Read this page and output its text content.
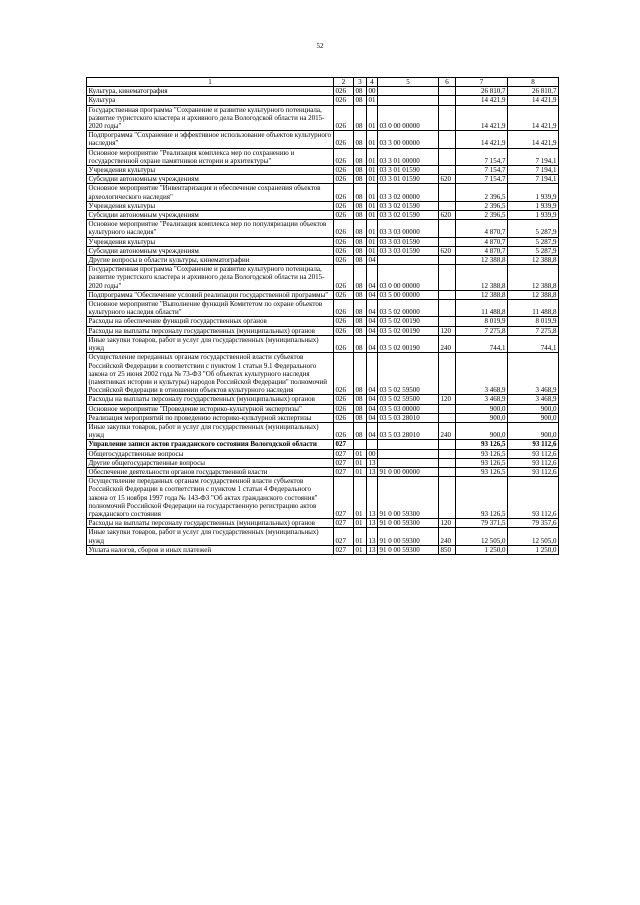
52
1	2	3	4	5	6	7	8
Культура, кинематография	026	08	00			26 810,7	26 810,7
Культура	026	08	01			14 421,9	14 421,9
Государственная программа "Сохранение и развитие культурного потенциала, развитие туристского кластера и архивного дела Вологодской области на 2015-2020 годы"	026	08	01	03 0 00 00000		14 421,9	14 421,9
Подпрограмма "Сохранение и эффективное использование объектов культурного наследия"	026	08	01	03 3 00 00000		14 421,9	14 421,9
Основное мероприятие "Реализация комплекса мер по сохранению и государственной охране памятников истории и архитектуры"	026	08	01	03 3 01 00000		7 154,7	7 194,1
Учреждения культуры	026	08	01	03 3 01 01590		7 154,7	7 194,1
Субсидии автономным учреждениям	026	08	01	03 3 01 01590	620	7 154,7	7 194,1
Основное мероприятие "Инвентаризация и обеспечение сохранения объектов археологического наследия"	026	08	01	03 3 02 00000		2 396,5	1 939,9
Учреждения культуры	026	08	01	03 3 02 01590		2 396,5	1 939,9
Субсидии автономным учреждениям	026	08	01	03 3 02 01590	620	2 396,5	1 939,9
Основное мероприятие "Реализация комплекса мер по популяризации объектов культурного наследия"	026	08	01	03 3 03 00000		4 870,7	5 287,9
Учреждения культуры	026	08	01	03 3 03 01590		4 870,7	5 287,9
Субсидии автономным учреждениям	026	08	01	03 3 03 01590	620	4 870,7	5 287,9
Другие вопросы в области культуры, кинематографии	026	08	04			12 388,8	12 388,8
Государственная программа "Сохранение и развитие культурного потенциала, развитие туристского кластера и архивного дела Вологодской области на 2015-2020 годы"	026	08	04	03 0 00 00000		12 388,8	12 388,8
Подпрограмма "Обеспечение условий реализации государственной программы"	026	08	04	03 5 00 00000		12 388,8	12 388,8
Основное мероприятие "Выполнение функций Комитетом по охране объектов культурного наследия области"	026	08	04	03 5 02 00000		11 488,8	11 488,8
Расходы на обеспечение функций государственных органов	026	08	04	03 5 02 00190		8 019,9	8 019,9
Расходы на выплаты персоналу государственных (муниципальных) органов	026	08	04	03 5 02 00190	120	7 275,8	7 275,8
Иные закупки товаров, работ и услуг для государственных (муниципальных) нужд	026	08	04	03 5 02 00190	240	744,1	744,1
Осуществление переданных органам государственной власти субъектов Российской Федерации в соответствии с пунктом 1 статьи 9.1 Федерального закона от 25 июня 2002 года № 73-ФЗ "Об объектах культурного наследия (памятниках истории и культуры) народов Российской Федерации" полномочий Российской Федерации в отношении объектов культурного наследия	026	08	04	03 5 02 59500		3 468,9	3 468,9
Расходы на выплаты персоналу государственных (муниципальных) органов	026	08	04	03 5 02 59500	120	3 468,9	3 468,9
Основное мероприятие "Проведение историко-культурной экспертизы"	026	08	04	03 5 03 00000		900,0	900,0
Реализация мероприятий по проведению историко-культурной экспертизы	026	08	04	03 5 03 28010		900,0	900,0
Иные закупки товаров, работ и услуг для государственных (муниципальных) нужд	026	08	04	03 5 03 28010	240	900,0	900,0
Управление записи актов гражданского состояния Вологодской области	027					93 126,5	93 112,6
Общегосударственные вопросы	027	01	00			93 126,5	93 112,6
Другие общегосударственные вопросы	027	01	13			93 126,5	93 112,6
Обеспечение деятельности органов государственной власти	027	01	13	91 0 00 00000		93 126,5	93 112,6
Осуществление переданных органам государственной власти субъектов Российской Федерации в соответствии с пунктом 1 статьи 4 Федерального закона от 15 ноября 1997 года № 143-ФЗ "Об актах гражданского состояния" полномочий Российской Федерации на государственную регистрацию актов гражданского состояния	027	01	13	91 0 00 59300		93 126,5	93 112,6
Расходы на выплаты персоналу государственных (муниципальных) органов	027	01	13	91 0 00 59300	120	79 371,5	79 357,6
Иные закупки товаров, работ и услуг для государственных (муниципальных) нужд	027	01	13	91 0 00 59300	240	12 505,0	12 505,0
Уплата налогов, сборов и иных платежей	027	01	13	91 0 00 59300	850	1 250,0	1 250,0
